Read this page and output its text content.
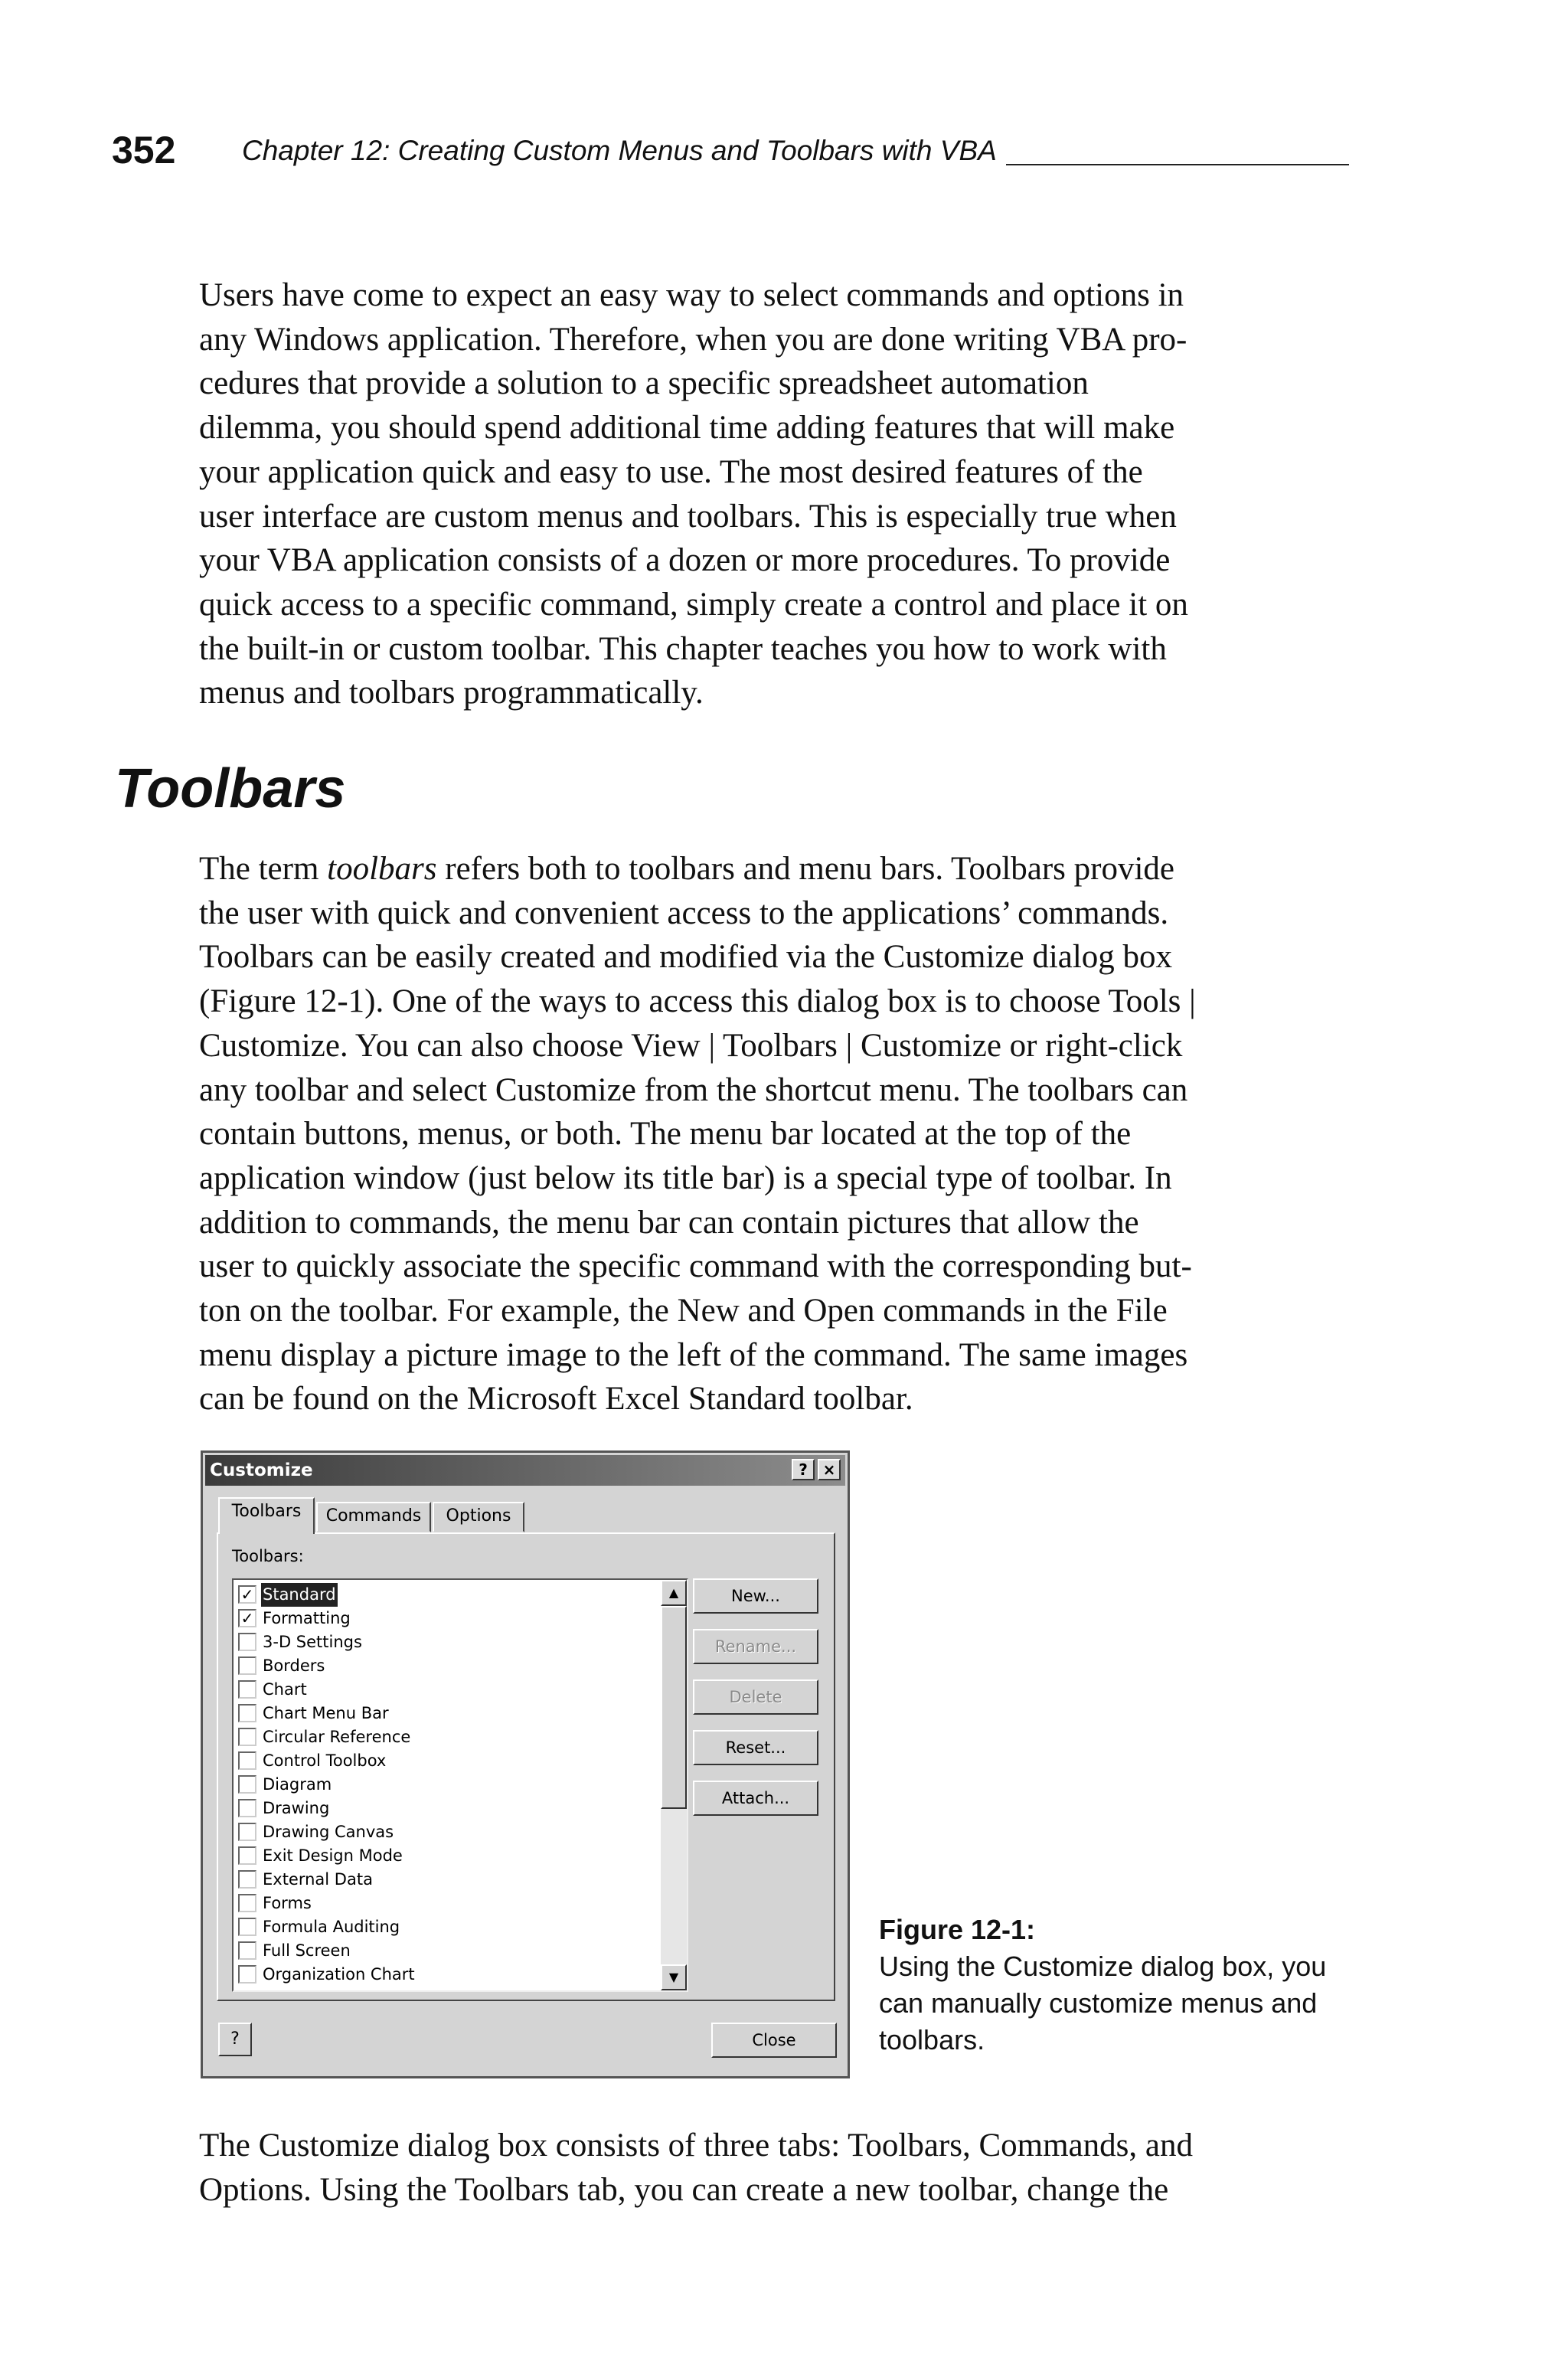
352 Chapter 12: Creating Custom Menus and Toolbars with VBA

Users have come to expect an easy way to select commands and options in
any Windows application. Therefore, when you are done writing VBA pro-
cedures that provide a solution to a specific spreadsheet automation
dilemma, you should spend additional time adding features that will make
your application quick and easy to use. The most desired features of the
user interface are custom menus and toolbars. This is especially true when
your VBA application consists of a dozen or more procedures. To provide
quick access to a specific command, simply create a control and place it on
the built-in or custom toolbar. This chapter teaches you how to work with
menus and toolbars programmatically.

Toolbars

The term toolbars refers both to toolbars and menu bars. Toolbars provide
the user with quick and convenient access to the applications’ commands.
Toolbars can be easily created and modified via the Customize dialog box
(Figure 12-1). One of the ways to access this dialog box is to choose Tools |
Customize. You can also choose View | Toolbars | Customize or right-click
any toolbar and select Customize from the shortcut menu. The toolbars can
contain buttons, menus, or both. The menu bar located at the top of the
application window (just below its title bar) is a special type of toolbar. In
addition to commands, the menu bar can contain pictures that allow the
user to quickly associate the specific command with the corresponding but-
ton on the toolbar. For example, the New and Open commands in the File
menu display a picture image to the left of the command. The same images
can be found on the Microsoft Excel Standard toolbar.

Customize	? ×
Toolbars	Commands	Options
Toolbars:
Organization Chart
Full Screen
Formula Auditing
Forms
External Data
Exit Design Mode
Drawing Canvas
Drawing
Diagram
Control Toolbox
Circular Reference
Chart Menu Bar
Chart
Borders
3-D Settings
✓ Formatting
✓ Standard	▲
▼
New...
Rename...
Delete
Reset...
Attach...
?	Close

Figure 12-1:
Using the Customize dialog box, you
can manually customize menus and
toolbars.

The Customize dialog box consists of three tabs: Toolbars, Commands, and
Options. Using the Toolbars tab, you can create a new toolbar, change the
